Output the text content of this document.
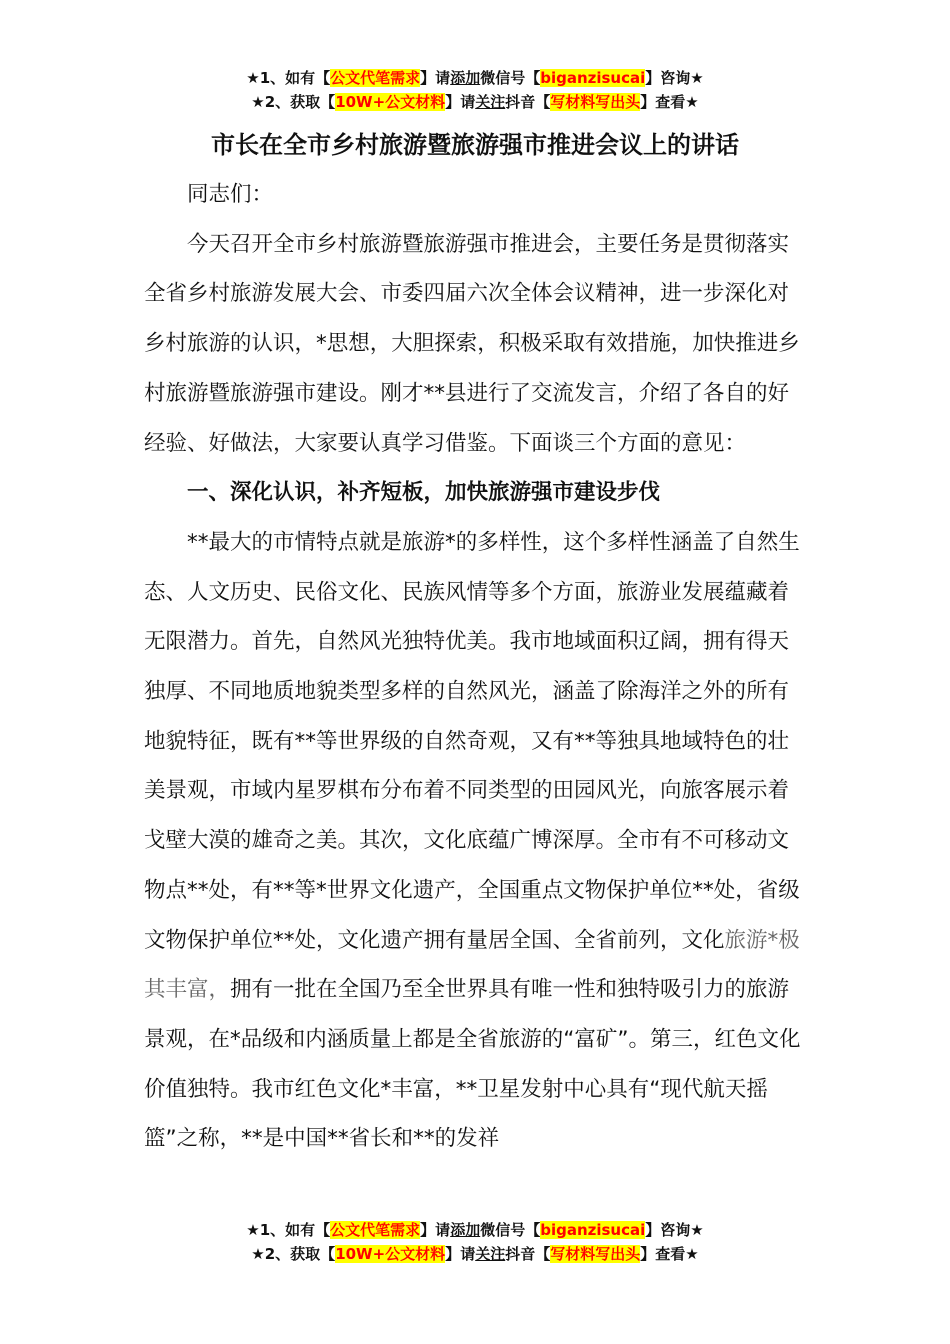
★1、如有【公文代笔需求】请添加微信号【biganzisucai】咨询★
★2、获取【10W+公文材料】请关注抖音【写材料写出头】查看★
市长在全市乡村旅游暨旅游强市推进会议上的讲话

同志们：

今天召开全市乡村旅游暨旅游强市推进会，主要任务是贯彻落实全省乡村旅游发展大会、市委四届六次全体会议精神，进一步深化对乡村旅游的认识，*思想，大胆探索，积极采取有效措施，加快推进乡村旅游暨旅游强市建设。刚才**县进行了交流发言，介绍了各自的好经验、好做法，大家要认真学习借鉴。下面谈三个方面的意见：

一、深化认识，补齐短板，加快旅游强市建设步伐

**最大的市情特点就是旅游*的多样性，这个多样性涵盖了自然生态、人文历史、民俗文化、民族风情等多个方面，旅游业发展蕴藏着无限潜力。首先，自然风光独特优美。我市地域面积辽阔，拥有得天独厚、不同地质地貌类型多样的自然风光，涵盖了除海洋之外的所有地貌特征，既有**等世界级的自然奇观，又有**等独具地域特色的壮美景观，市域内星罗棋布分布着不同类型的田园风光，向旅客展示着戈壁大漠的雄奇之美。其次，文化底蕴广博深厚。全市有不可移动文物点**处，有**等*世界文化遗产，全国重点文物保护单位**处，省级文物保护单位**处，文化遗产拥有量居全国、全省前列，文化旅游*极其丰富，拥有一批在全国乃至全世界具有唯一性和独特吸引力的旅游景观，在*品级和内涵质量上都是全省旅游的“富矿”。第三，红色文化价值独特。我市红色文化*丰富，**卫星发射中心具有“现代航天摇篮”之称，**是中国**省长和**的发祥

★1、如有【公文代笔需求】请添加微信号【biganzisucai】咨询★
★2、获取【10W+公文材料】请关注抖音【写材料写出头】查看★
